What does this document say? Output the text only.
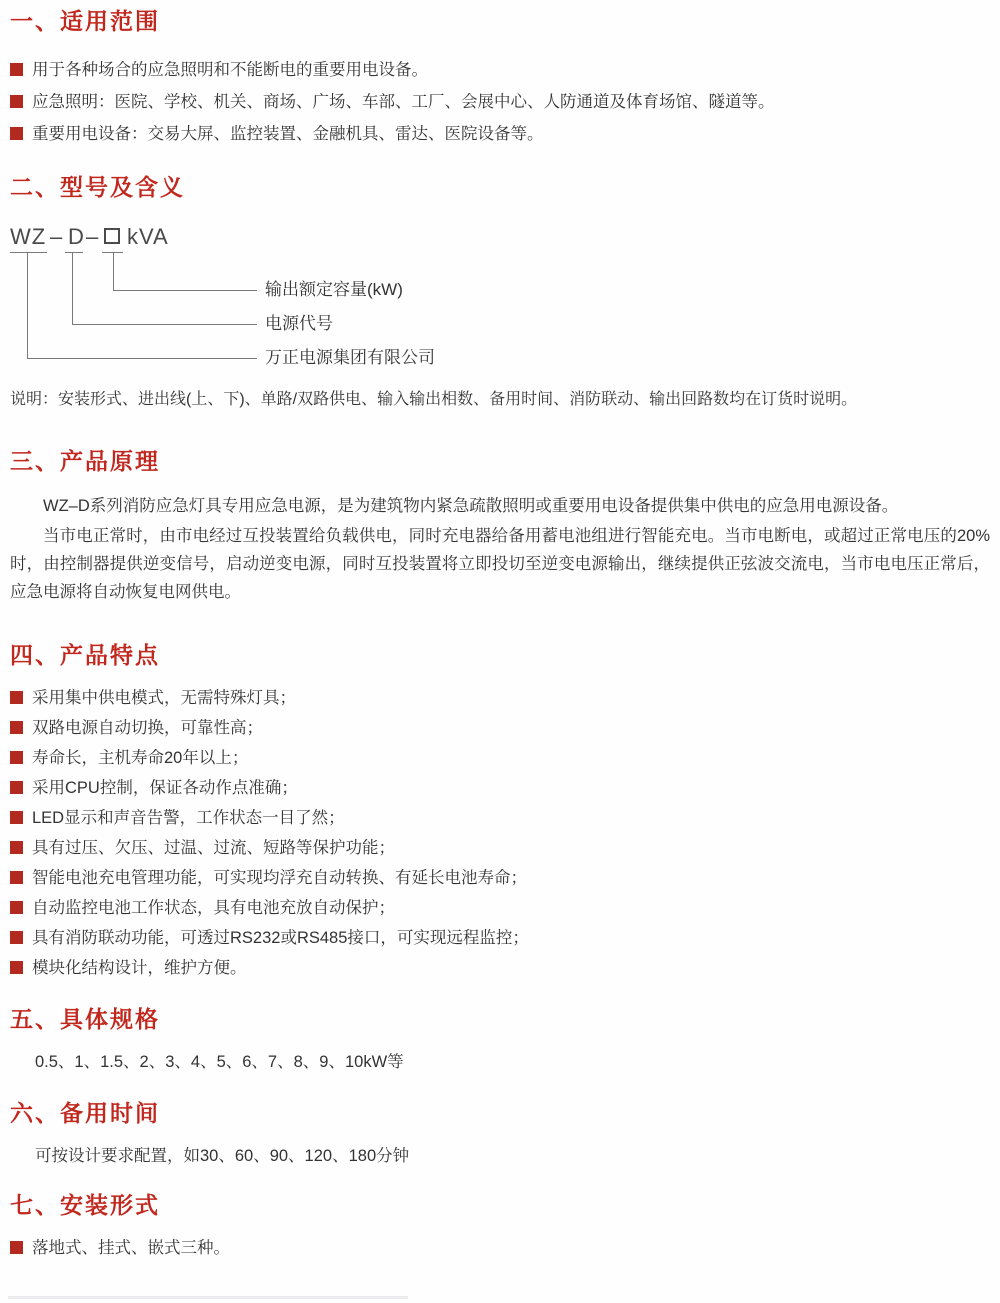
一、适用范围
用于各种场合的应急照明和不能断电的重要用电设备。
应急照明：医院、学校、机关、商场、广场、车部、工厂、会展中心、人防通道及体育场馆、隧道等。
重要用电设备：交易大屏、监控装置、金融机具、雷达、医院设备等。
二、型号及含义
WZ – D – kVA
输出额定容量(kW)
电源代号
万正电源集团有限公司
说明：安装形式、进出线(上、下)、单路/双路供电、输入输出相数、备用时间、消防联动、输出回路数均在订货时说明。
三、产品原理

WZ–D系列消防应急灯具专用应急电源，是为建筑物内紧急疏散照明或重要用电设备提供集中供电的应急用电源设备。

当市电正常时，由市电经过互投装置给负载供电，同时充电器给备用蓄电池组进行智能充电。当市电断电，或超过正常电压的20%时，由控制器提供逆变信号，启动逆变电源，同时互投装置将立即投切至逆变电源输出，继续提供正弦波交流电，当市电电压正常后，应急电源将自动恢复电网供电。

四、产品特点
采用集中供电模式，无需特殊灯具；
双路电源自动切换，可靠性高；
寿命长，主机寿命20年以上；
采用CPU控制，保证各动作点准确；
LED显示和声音告警，工作状态一目了然；
具有过压、欠压、过温、过流、短路等保护功能；
智能电池充电管理功能，可实现均浮充自动转换、有延长电池寿命；
自动监控电池工作状态，具有电池充放自动保护；
具有消防联动功能，可透过RS232或RS485接口，可实现远程监控；
模块化结构设计，维护方便。
五、具体规格
0.5、1、1.5、2、3、4、5、6、7、8、9、10kW等
六、备用时间
可按设计要求配置，如30、60、90、120、180分钟
七、安装形式
落地式、挂式、嵌式三种。
